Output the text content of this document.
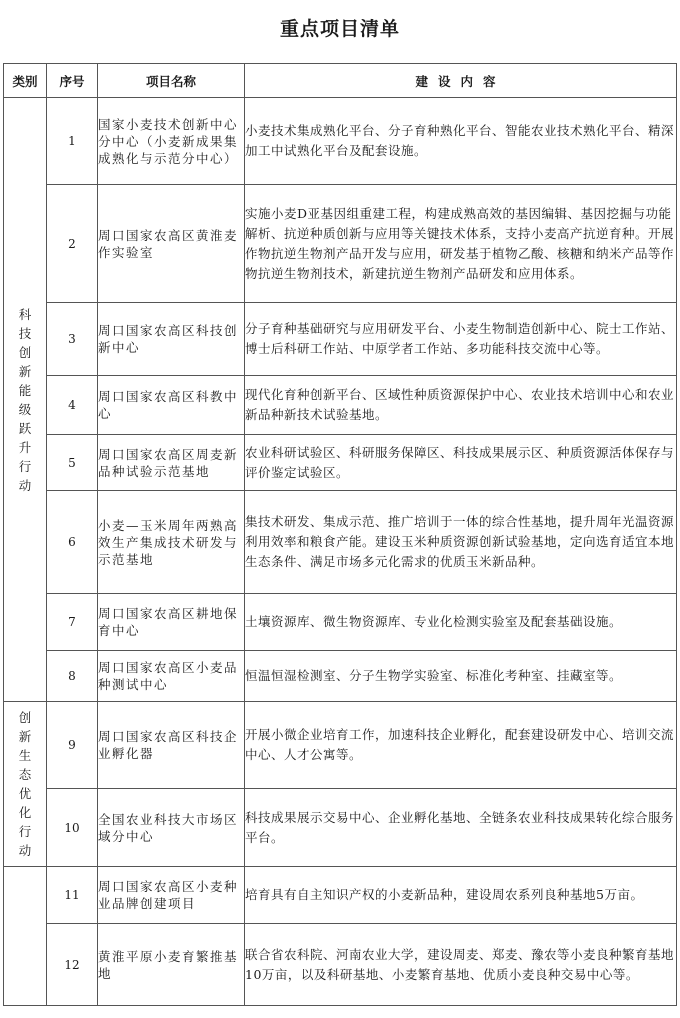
重点项目清单
类别	序号	项目名称	建设内容
科技创新能级跃升行动	1	国家小麦技术创新中心分中心（小麦新成果集成熟化与示范分中心）	小麦技术集成熟化平台、分子育种熟化平台、智能农业技术熟化平台、精深加工中试熟化平台及配套设施。
	2	周口国家农高区黄淮麦作实验室	实施小麦D亚基因组重建工程，构建成熟高效的基因编辑、基因挖掘与功能解析、抗逆种质创新与应用等关键技术体系，支持小麦高产抗逆育种。开展作物抗逆生物剂产品开发与应用，研发基于植物乙酸、核糖和纳米产品等作物抗逆生物剂技术，新建抗逆生物剂产品研发和应用体系。
	3	周口国家农高区科技创新中心	分子育种基础研究与应用研发平台、小麦生物制造创新中心、院士工作站、博士后科研工作站、中原学者工作站、多功能科技交流中心等。
	4	周口国家农高区科教中心	现代化育种创新平台、区域性种质资源保护中心、农业技术培训中心和农业新品种新技术试验基地。
	5	周口国家农高区周麦新品种试验示范基地	农业科研试验区、科研服务保障区、科技成果展示区、种质资源活体保存与评价鉴定试验区。
	6	小麦—玉米周年两熟高效生产集成技术研发与示范基地	集技术研发、集成示范、推广培训于一体的综合性基地，提升周年光温资源利用效率和粮食产能。建设玉米种质资源创新试验基地，定向选育适宜本地生态条件、满足市场多元化需求的优质玉米新品种。
	7	周口国家农高区耕地保育中心	土壤资源库、微生物资源库、专业化检测实验室及配套基础设施。
	8	周口国家农高区小麦品种测试中心	恒温恒湿检测室、分子生物学实验室、标准化考种室、挂藏室等。
创新生态优化行动	9	周口国家农高区科技企业孵化器	开展小微企业培育工作，加速科技企业孵化，配套建设研发中心、培训交流中心、人才公寓等。
	10	全国农业科技大市场区域分中心	科技成果展示交易中心、企业孵化基地、全链条农业科技成果转化综合服务平台。
	11	周口国家农高区小麦种业品牌创建项目	培育具有自主知识产权的小麦新品种，建设周农系列良种基地5万亩。
	12	黄淮平原小麦育繁推基地	联合省农科院、河南农业大学，建设周麦、郑麦、豫农等小麦良种繁育基地10万亩，以及科研基地、小麦繁育基地、优质小麦良种交易中心等。
